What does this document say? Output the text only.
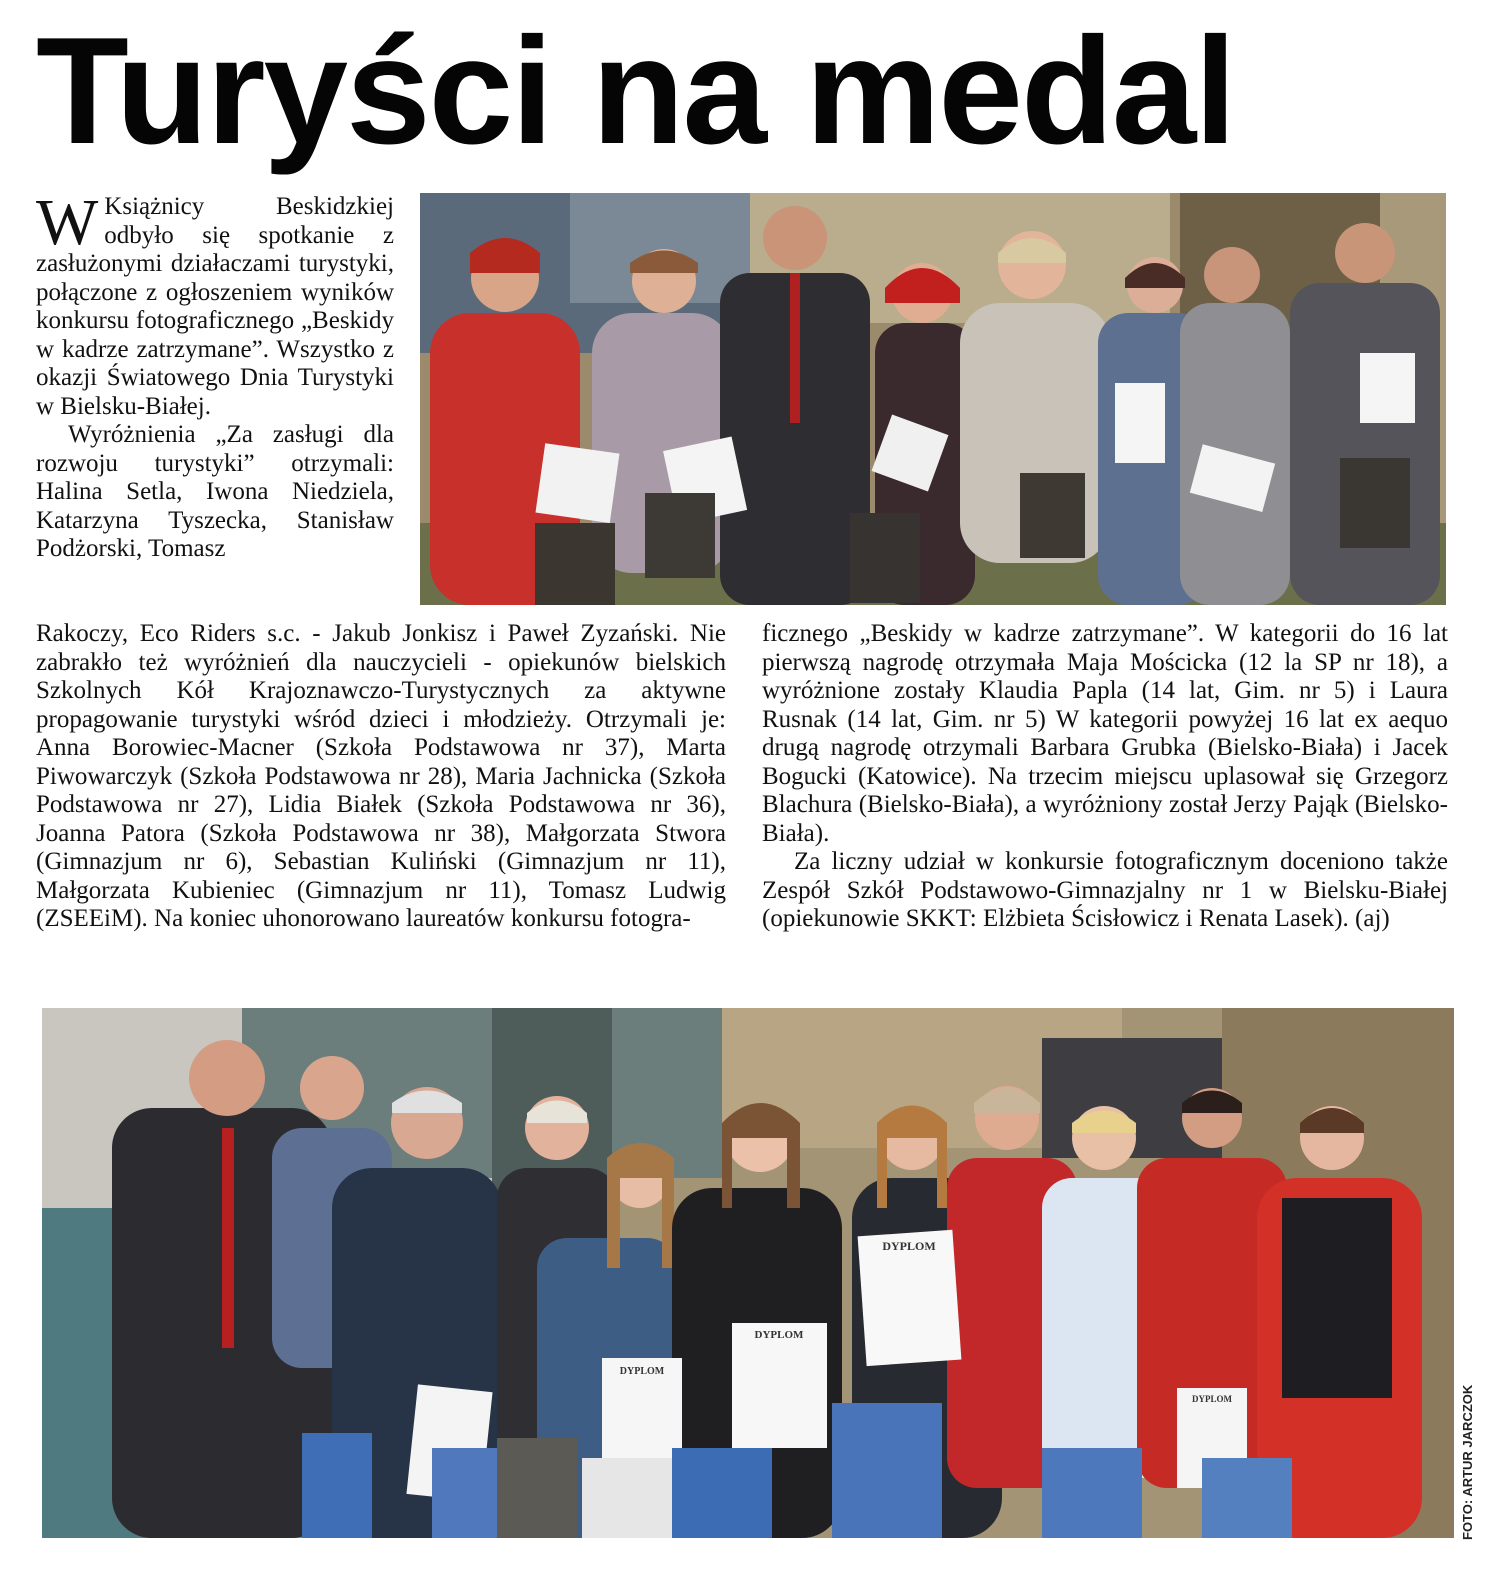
Turyści na medal

W Książnicy Beskidzkiej odbyło się spotkanie z zasłużonymi działaczami turystyki, połączone z ogłoszeniem wyników konkursu fotograficznego „Beskidy w kadrze zatrzymane”. Wszystko z okazji Światowego Dnia Turystyki w Bielsku-Białej.

Wyróżnienia „Za zasługi dla rozwoju turystyki” otrzymali: Halina Setla, Iwona Niedziela, Katarzyna Tyszecka, Stanisław Podżorski, Tomasz

Rakoczy, Eco Riders s.c. - Jakub Jonkisz i Paweł Zyzański. Nie zabrakło też wyróżnień dla nauczycieli - opiekunów bielskich Szkolnych Kół Krajoznawczo-Turystycznych za aktywne propagowanie turystyki wśród dzieci i młodzieży. Otrzymali je: Anna Borowiec-Macner (Szkoła Podstawowa nr 37), Marta Piwowarczyk (Szkoła Podstawowa nr 28), Maria Jachnicka (Szkoła Podstawowa nr 27), Lidia Białek (Szkoła Podstawowa nr 36), Joanna Patora (Szkoła Podstawowa nr 38), Małgorzata Stwora (Gimnazjum nr 6), Sebastian Kuliński (Gimnazjum nr 11), Małgorzata Kubieniec (Gimnazjum nr 11), Tomasz Ludwig (ZSEEiM). Na koniec uhonorowano laureatów konkursu fotogra-

ficznego „Beskidy w kadrze zatrzymane”. W kategorii do 16 lat pierwszą nagrodę otrzymała Maja Mościcka (12 la SP nr 18), a wyróżnione zostały Klaudia Papla (14 lat, Gim. nr 5) i Laura Rusnak (14 lat, Gim. nr 5) W kategorii powyżej 16 lat ex aequo drugą nagrodę otrzymali Barbara Grubka (Bielsko-Biała) i Jacek Bogucki (Katowice). Na trzecim miejscu uplasował się Grzegorz Blachura (Bielsko-Biała), a wyróżniony został Jerzy Pająk (Bielsko-Biała).

Za liczny udział w konkursie fotograficznym doceniono także Zespół Szkół Podstawowo-Gimnazjalny nr 1 w Bielsku-Białej (opiekunowie SKKT: Elżbieta Ścisłowicz i Renata Lasek). (aj)

DYPLOM
DYPLOM
DYPLOM
DYPLOM	FOTO: ARTUR JARCZOK
